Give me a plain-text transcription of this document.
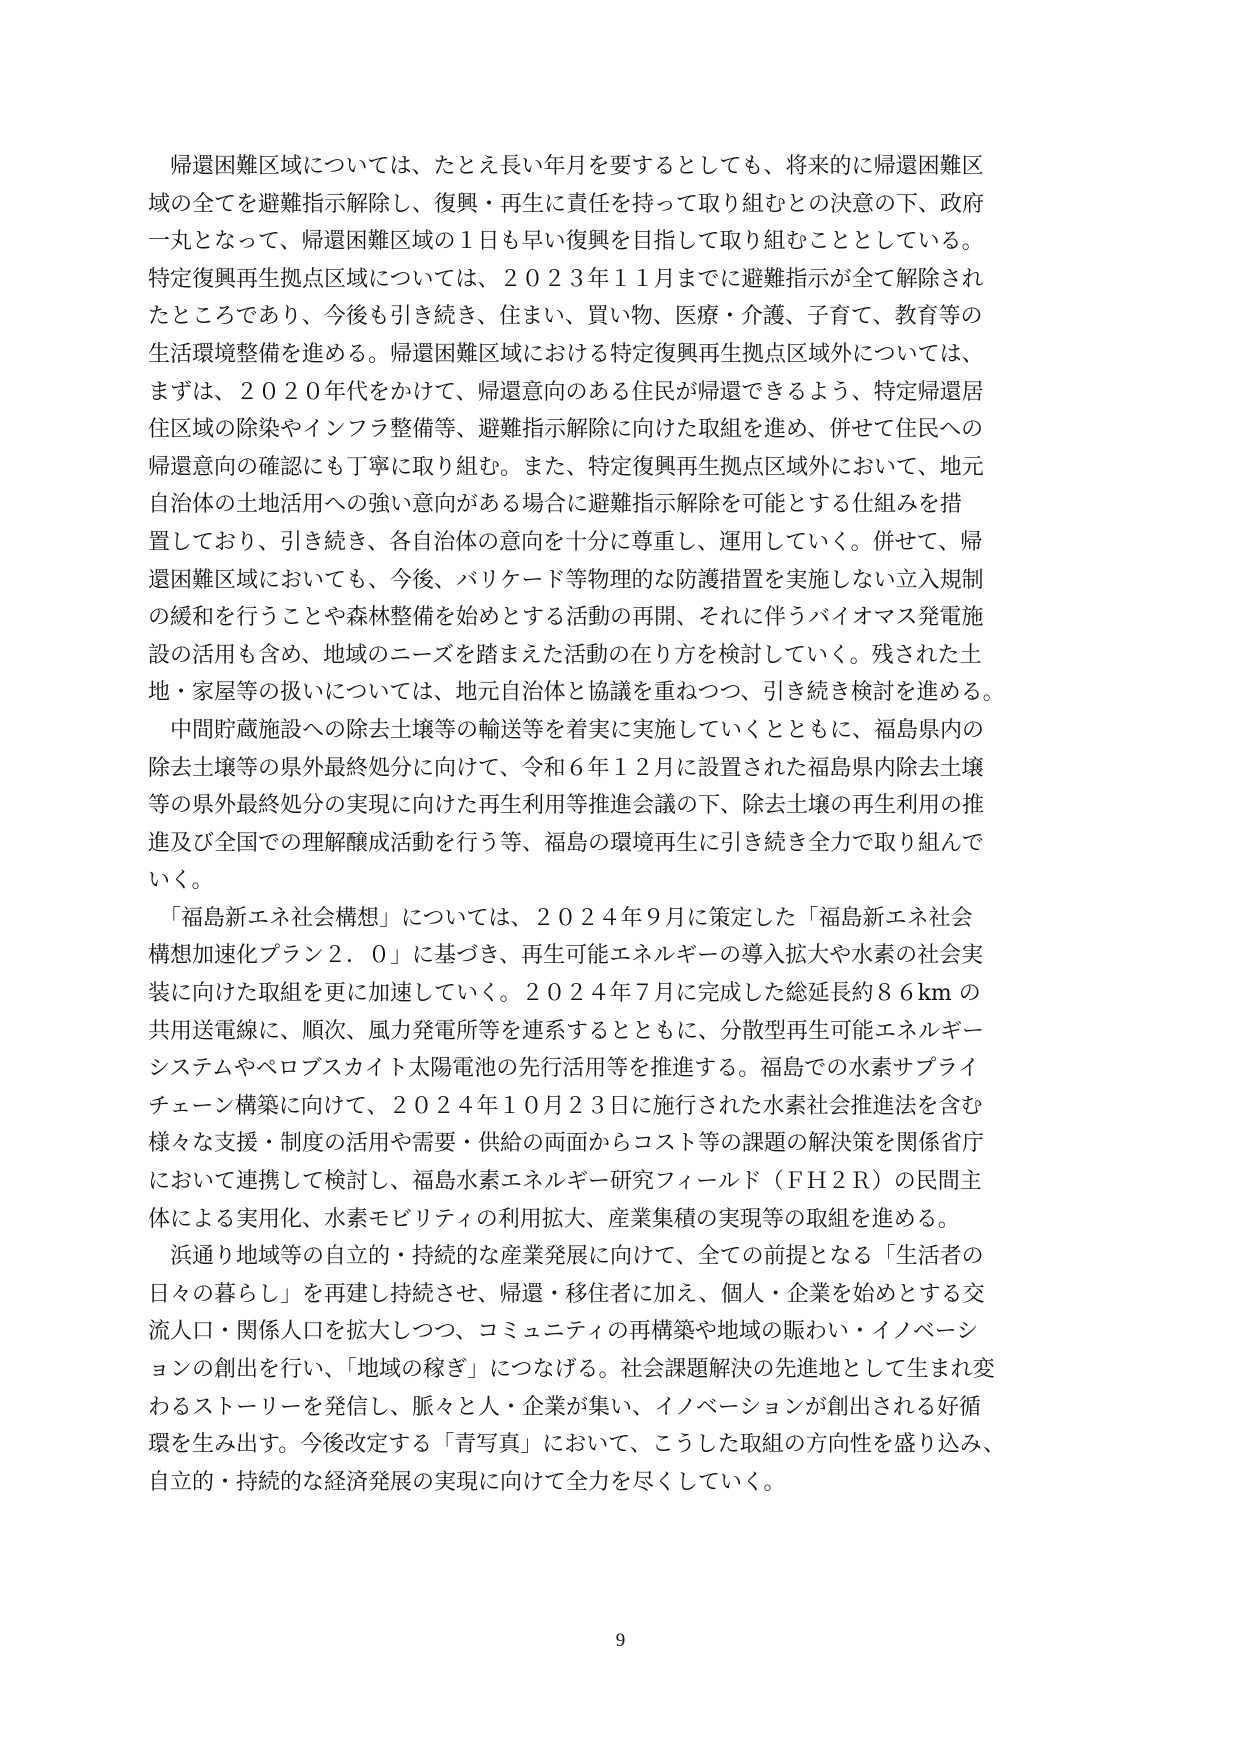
　帰還困難区域については、たとえ長い年月を要するとしても、将来的に帰還困難区
域の全てを避難指示解除し、復興・再生に責任を持って取り組むとの決意の下、政府
一丸となって、帰還困難区域の１日も早い復興を目指して取り組むこととしている。
特定復興再生拠点区域については、２０２３年１１月までに避難指示が全て解除され
たところであり、今後も引き続き、住まい、買い物、医療・介護、子育て、教育等の
生活環境整備を進める。帰還困難区域における特定復興再生拠点区域外については、
まずは、２０２０年代をかけて、帰還意向のある住民が帰還できるよう、特定帰還居
住区域の除染やインフラ整備等、避難指示解除に向けた取組を進め、併せて住民への
帰還意向の確認にも丁寧に取り組む。また、特定復興再生拠点区域外において、地元
自治体の土地活用への強い意向がある場合に避難指示解除を可能とする仕組みを措
置しており、引き続き、各自治体の意向を十分に尊重し、運用していく。併せて、帰
還困難区域においても、今後、バリケード等物理的な防護措置を実施しない立入規制
の緩和を行うことや森林整備を始めとする活動の再開、それに伴うバイオマス発電施
設の活用も含め、地域のニーズを踏まえた活動の在り方を検討していく。残された土
地・家屋等の扱いについては、地元自治体と協議を重ねつつ、引き続き検討を進める。
　中間貯蔵施設への除去土壌等の輸送等を着実に実施していくとともに、福島県内の
除去土壌等の県外最終処分に向けて、令和６年１２月に設置された福島県内除去土壌
等の県外最終処分の実現に向けた再生利用等推進会議の下、除去土壌の再生利用の推
進及び全国での理解醸成活動を行う等、福島の環境再生に引き続き全力で取り組んで
いく。
　「福島新エネ社会構想」については、２０２４年９月に策定した「福島新エネ社会
構想加速化プラン２．０」に基づき、再生可能エネルギーの導入拡大や水素の社会実
装に向けた取組を更に加速していく。２０２４年７月に完成した総延長約８６km の
共用送電線に、順次、風力発電所等を連系するとともに、分散型再生可能エネルギー
システムやペロブスカイト太陽電池の先行活用等を推進する。福島での水素サプライ
チェーン構築に向けて、２０２４年１０月２３日に施行された水素社会推進法を含む
様々な支援・制度の活用や需要・供給の両面からコスト等の課題の解決策を関係省庁
において連携して検討し、福島水素エネルギー研究フィールド（ＦＨ２Ｒ）の民間主
体による実用化、水素モビリティの利用拡大、産業集積の実現等の取組を進める。
　浜通り地域等の自立的・持続的な産業発展に向けて、全ての前提となる「生活者の
日々の暮らし」を再建し持続させ、帰還・移住者に加え、個人・企業を始めとする交
流人口・関係人口を拡大しつつ、コミュニティの再構築や地域の賑わい・イノベーシ
ョンの創出を行い、「地域の稼ぎ」につなげる。社会課題解決の先進地として生まれ変
わるストーリーを発信し、脈々と人・企業が集い、イノベーションが創出される好循
環を生み出す。今後改定する「青写真」において、こうした取組の方向性を盛り込み、
自立的・持続的な経済発展の実現に向けて全力を尽くしていく。
9
